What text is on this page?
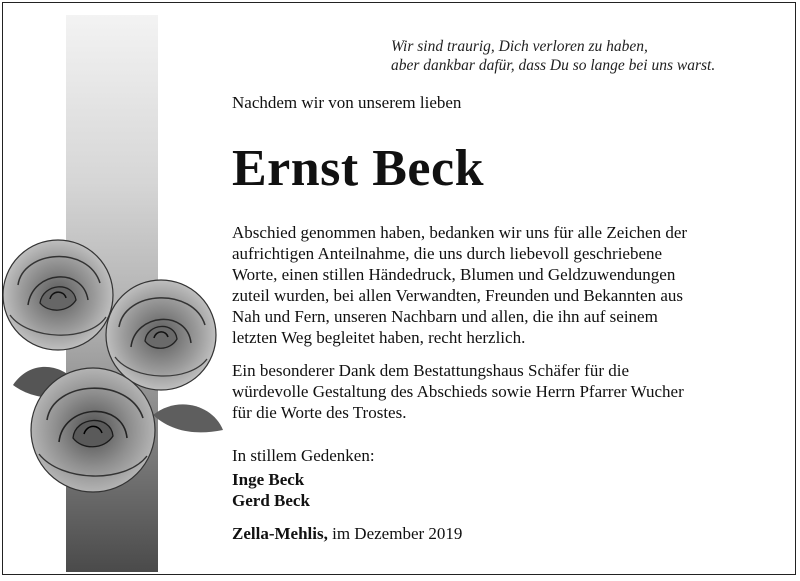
Wir sind traurig, Dich verloren zu haben,
aber dankbar dafür, dass Du so lange bei uns warst.
Nachdem wir von unserem lieben
Ernst Beck
Abschied genommen haben, bedanken wir uns für alle Zeichen der
aufrichtigen Anteilnahme, die uns durch liebevoll geschriebene
Worte, einen stillen Händedruck, Blumen und Geldzuwendungen
zuteil wurden, bei allen Verwandten, Freunden und Bekannten aus
Nah und Fern, unseren Nachbarn und allen, die ihn auf seinem
letzten Weg begleitet haben, recht herzlich.
Ein besonderer Dank dem Bestattungshaus Schäfer für die
würdevolle Gestaltung des Abschieds sowie Herrn Pfarrer Wucher
für die Worte des Trostes.
In stillem Gedenken:
Inge Beck
Gerd Beck
Zella-Mehlis, im Dezember 2019
